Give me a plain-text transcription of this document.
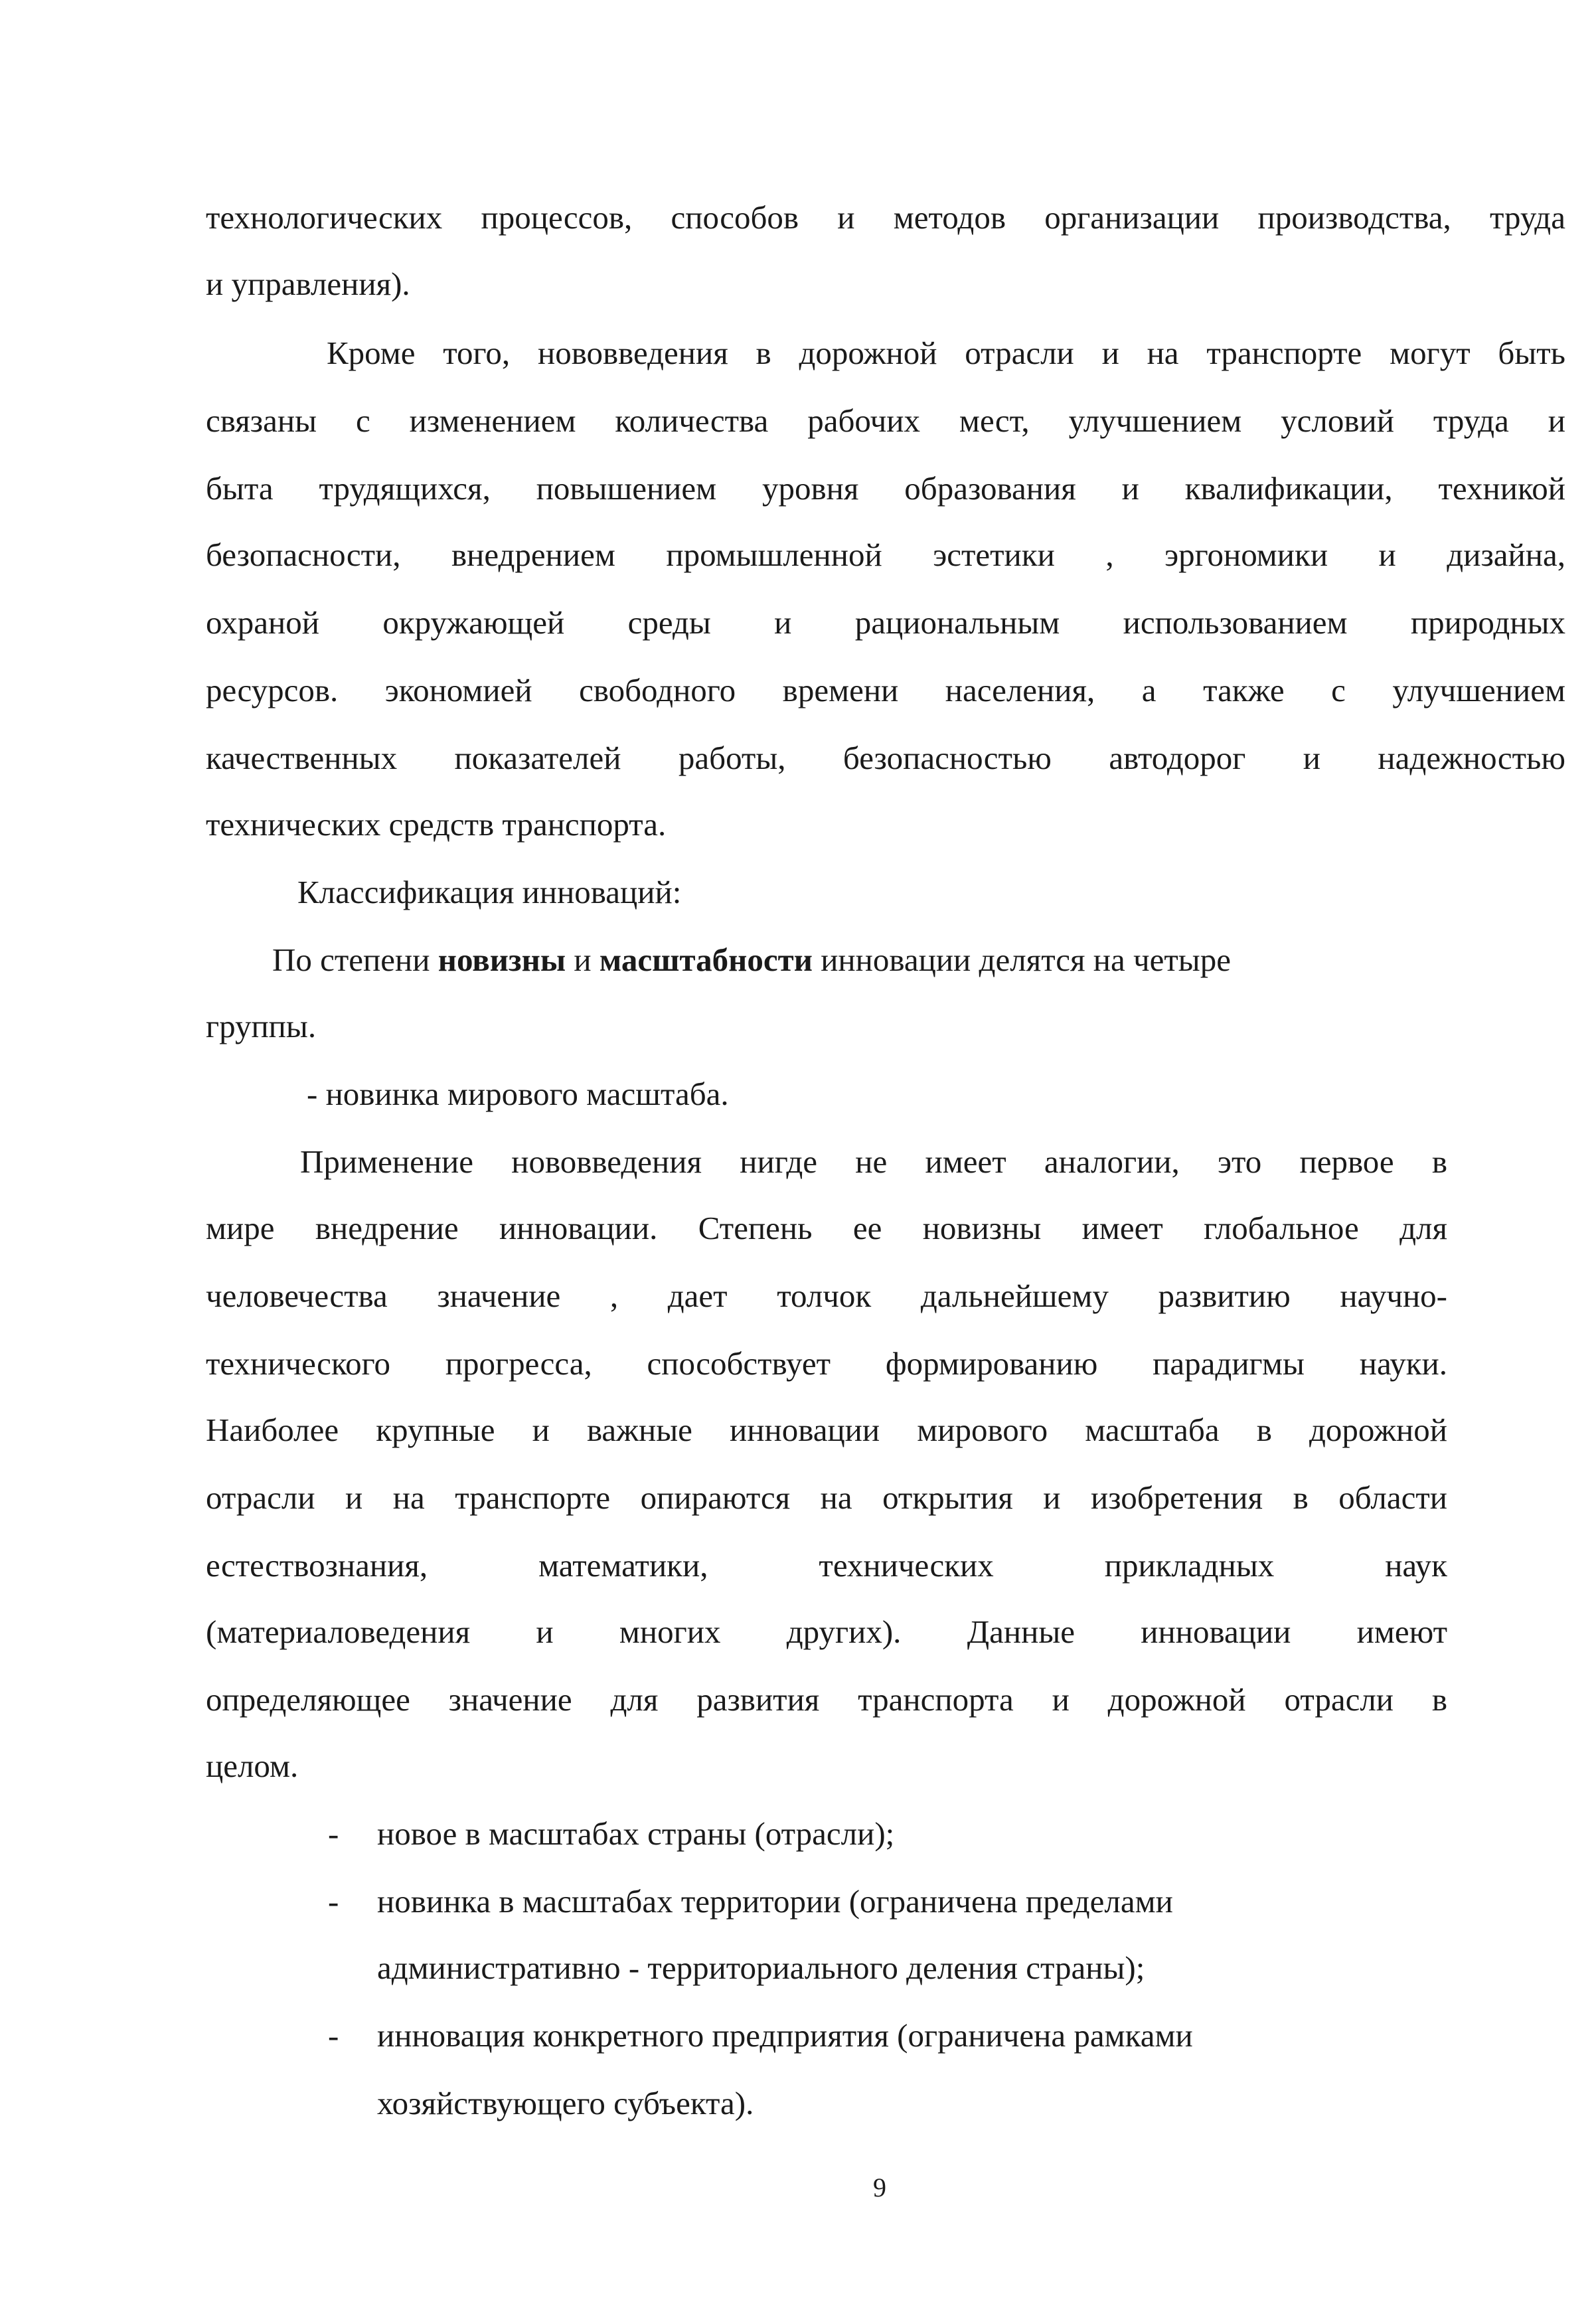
технологических процессов, способов и методов организации производства, труда
и управления).
Кроме того, нововведения в дорожной отрасли и на транспорте могут быть
связаны с изменением количества рабочих мест, улучшением условий труда и
быта трудящихся, повышением уровня образования и квалификации, техникой
безопасности, внедрением промышленной эстетики , эргономики и дизайна,
охраной окружающей среды и рациональным использованием природных
ресурсов. экономией свободного времени населения, а также с улучшением
качественных показателей работы, безопасностью автодорог и надежностью
технических средств транспорта.
Классификация инноваций:
По степени новизны и масштабности инновации делятся на четыре
группы.
- новинка мирового масштаба.
Применение нововведения нигде не имеет аналогии, это первое в
мире внедрение инновации. Степень ее новизны имеет глобальное для
человечества значение , дает толчок дальнейшему развитию научно-
технического прогресса, способствует формированию парадигмы науки.
Наиболее крупные и важные инновации мирового масштаба в дорожной
отрасли и на транспорте опираются на открытия и изобретения в области
естествознания, математики, технических прикладных наук
(материаловедения и многих других). Данные инновации имеют
определяющее значение для развития транспорта и дорожной отрасли в
целом.
- новое в масштабах страны (отрасли);
- новинка в масштабах территории (ограничена пределами
административно - территориального деления страны);
- инновация конкретного предприятия (ограничена рамками
хозяйствующего субъекта).
9
